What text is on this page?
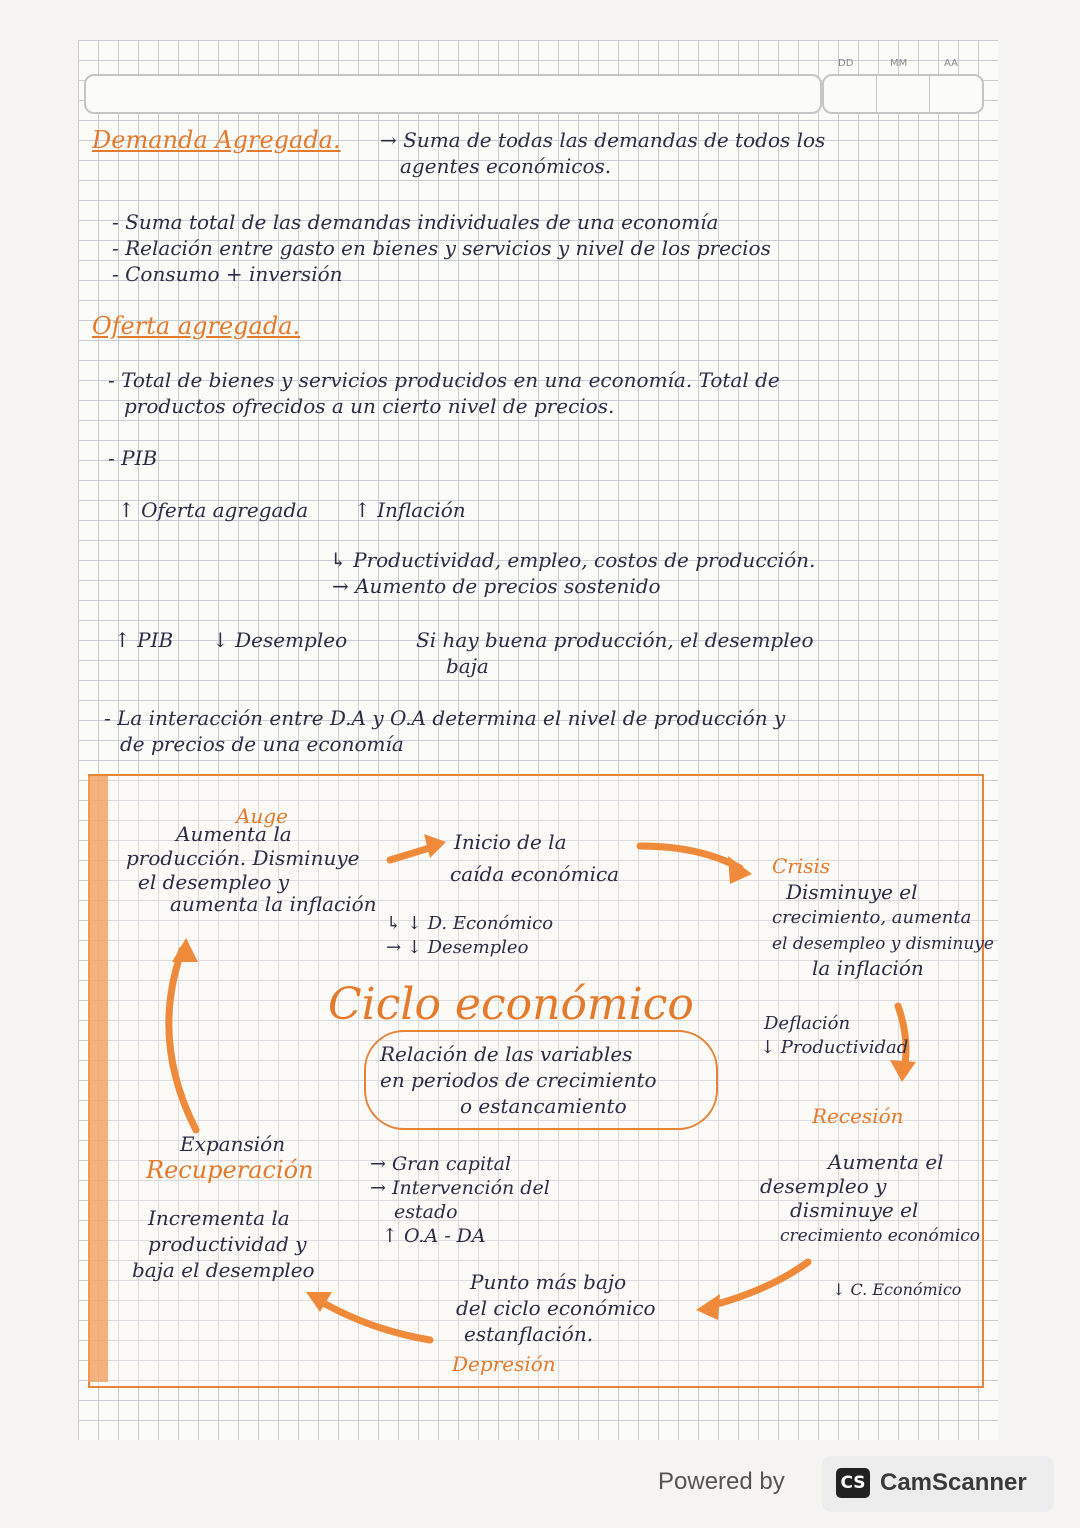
DD	MM	AA
Demanda Agregada. → Suma de todas las demandas de todos los
agentes económicos.
- Suma total de las demandas individuales de una economía
- Relación entre gasto en bienes y servicios y nivel de los precios
- Consumo + inversión
Oferta agregada.
- Total de bienes y servicios producidos en una economía. Total de
productos ofrecidos a un cierto nivel de precios.
- PIB
↑ Oferta agregada ↑ Inflación
↳ Productividad, empleo, costos de producción.
→ Aumento de precios sostenido
↑ PIB ↓ Desempleo	Si hay buena producción, el desempleo
baja
- La interacción entre D.A y O.A determina el nivel de producción y
de precios de una economía
Auge
Aumenta la
producción. Disminuye
el desempleo y
aumenta la inflación
Inicio de la
caída económica
↳ ↓ D. Económico
→ ↓ Desempleo
Ciclo económico
Relación de las variables
en periodos de crecimiento
o estancamiento
Crisis
Disminuye el
crecimiento, aumenta
el desempleo y disminuye
la inflación
Deflación
↓ Productividad
Recesión
Aumenta el
desempleo y
disminuye el
crecimiento económico
↓ C. Económico
Expansión
Recuperación
Incrementa la
productividad y
baja el desempleo
→ Gran capital
→ Intervención del
estado
↑ O.A - DA
Punto más bajo
del ciclo económico
estanflación.
Depresión
Powered by	CS CamScanner
